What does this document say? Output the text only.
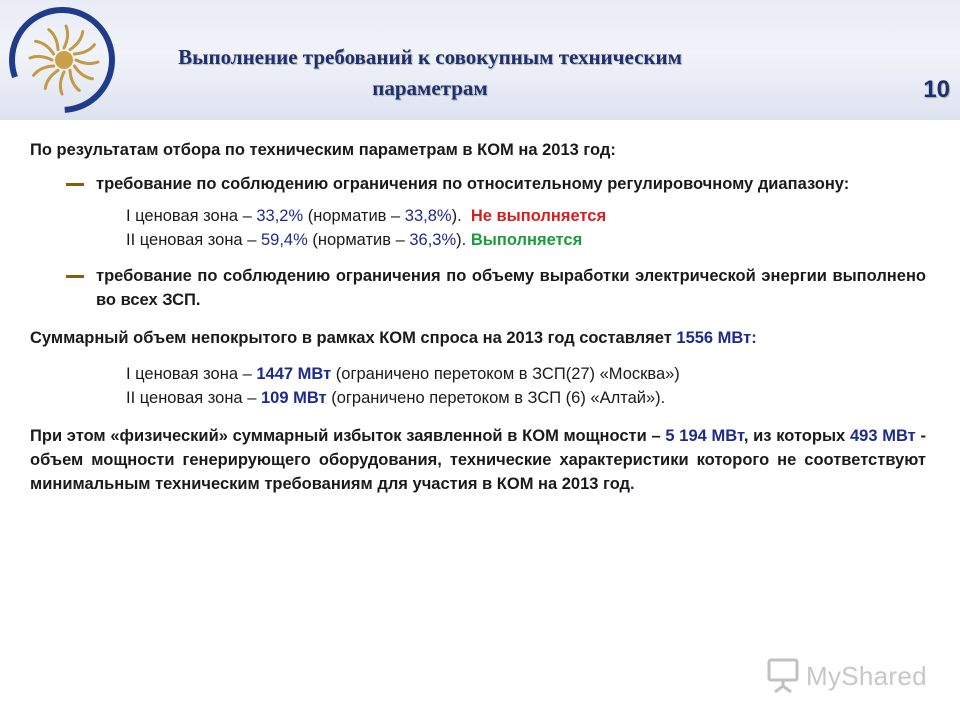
Выполнение требований к совокупным техническим параметрам	10

По результатам отбора по техническим параметрам в КОМ на 2013 год:

требование по соблюдению ограничения по относительному регулировочному диапазону:

I ценовая зона – 33,2% (норматив – 33,8%). Не выполняется

II ценовая зона – 59,4% (норматив – 36,3%). Выполняется

требование по соблюдению ограничения по объему выработки электрической энергии выполнено во всех ЗСП.

Суммарный объем непокрытого в рамках КОМ спроса на 2013 год составляет 1556 МВт:

I ценовая зона – 1447 МВт (ограничено перетоком в ЗСП(27) «Москва»)

II ценовая зона – 109 МВт (ограничено перетоком в ЗСП (6) «Алтай»).

При этом «физический» суммарный избыток заявленной в КОМ мощности – 5 194 МВт, из которых 493 МВт - объем мощности генерирующего оборудования, технические характеристики которого не соответствуют минимальным техническим требованиям для участия в КОМ на 2013 год.

MyShared
